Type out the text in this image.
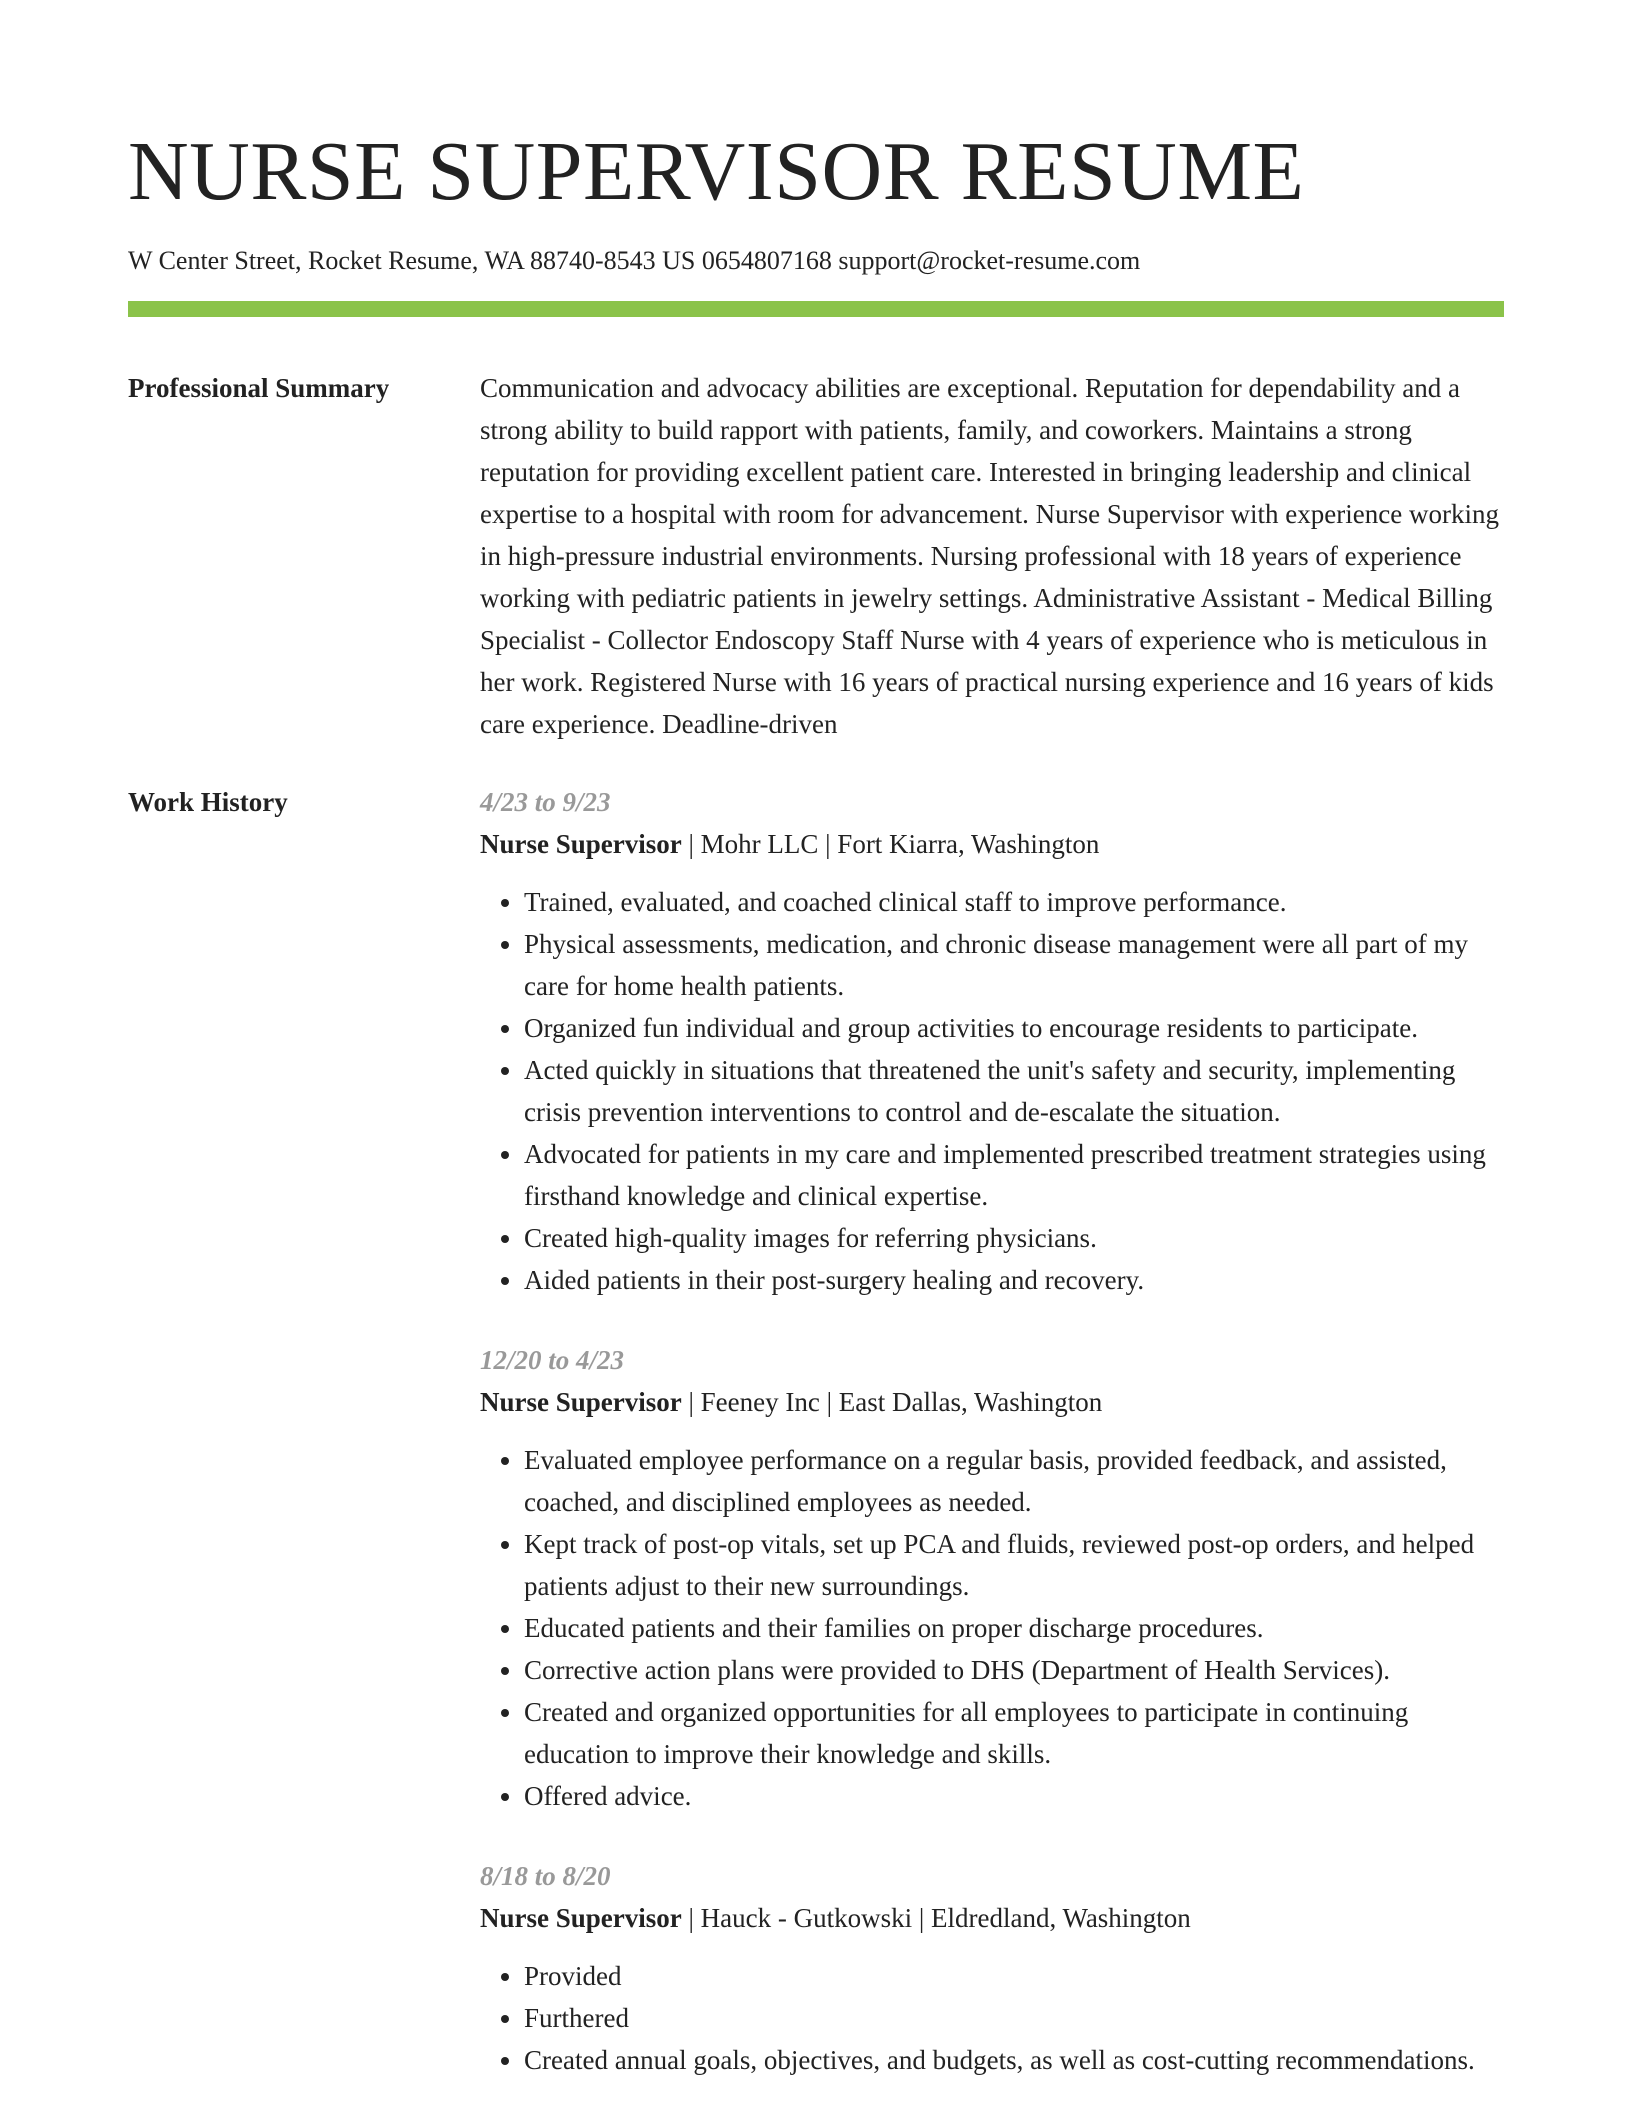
NURSE SUPERVISOR RESUME
W Center Street, Rocket Resume, WA 88740-8543 US 0654807168 support@rocket-resume.com
Professional Summary	Communication and advocacy abilities are exceptional. Reputation for dependability and a strong ability to build rapport with patients, family, and coworkers. Maintains a strong reputation for providing excellent patient care. Interested in bringing leadership and clinical expertise to a hospital with room for advancement. Nurse Supervisor with experience working in high-pressure industrial environments. Nursing professional with 18 years of experience working with pediatric patients in jewelry settings. Administrative Assistant - Medical Billing Specialist - Collector Endoscopy Staff Nurse with 4 years of experience who is meticulous in her work. Registered Nurse with 16 years of practical nursing experience and 16 years of kids care experience. Deadline-driven

Work History	4/23 to 9/23
Nurse Supervisor | Mohr LLC | Fort Kiarra, Washington
• Trained, evaluated, and coached clinical staff to improve performance.
• Physical assessments, medication, and chronic disease management were all part of my care for home health patients.
• Organized fun individual and group activities to encourage residents to participate.
• Acted quickly in situations that threatened the unit's safety and security, implementing crisis prevention interventions to control and de-escalate the situation.
• Advocated for patients in my care and implemented prescribed treatment strategies using firsthand knowledge and clinical expertise.
• Created high-quality images for referring physicians.
• Aided patients in their post-surgery healing and recovery.
12/20 to 4/23
Nurse Supervisor | Feeney Inc | East Dallas, Washington
• Evaluated employee performance on a regular basis, provided feedback, and assisted, coached, and disciplined employees as needed.
• Kept track of post-op vitals, set up PCA and fluids, reviewed post-op orders, and helped patients adjust to their new surroundings.
• Educated patients and their families on proper discharge procedures.
• Corrective action plans were provided to DHS (Department of Health Services).
• Created and organized opportunities for all employees to participate in continuing education to improve their knowledge and skills.
• Offered advice.
8/18 to 8/20
Nurse Supervisor | Hauck - Gutkowski | Eldredland, Washington
• Provided
• Furthered
• Created annual goals, objectives, and budgets, as well as cost-cutting recommendations.
